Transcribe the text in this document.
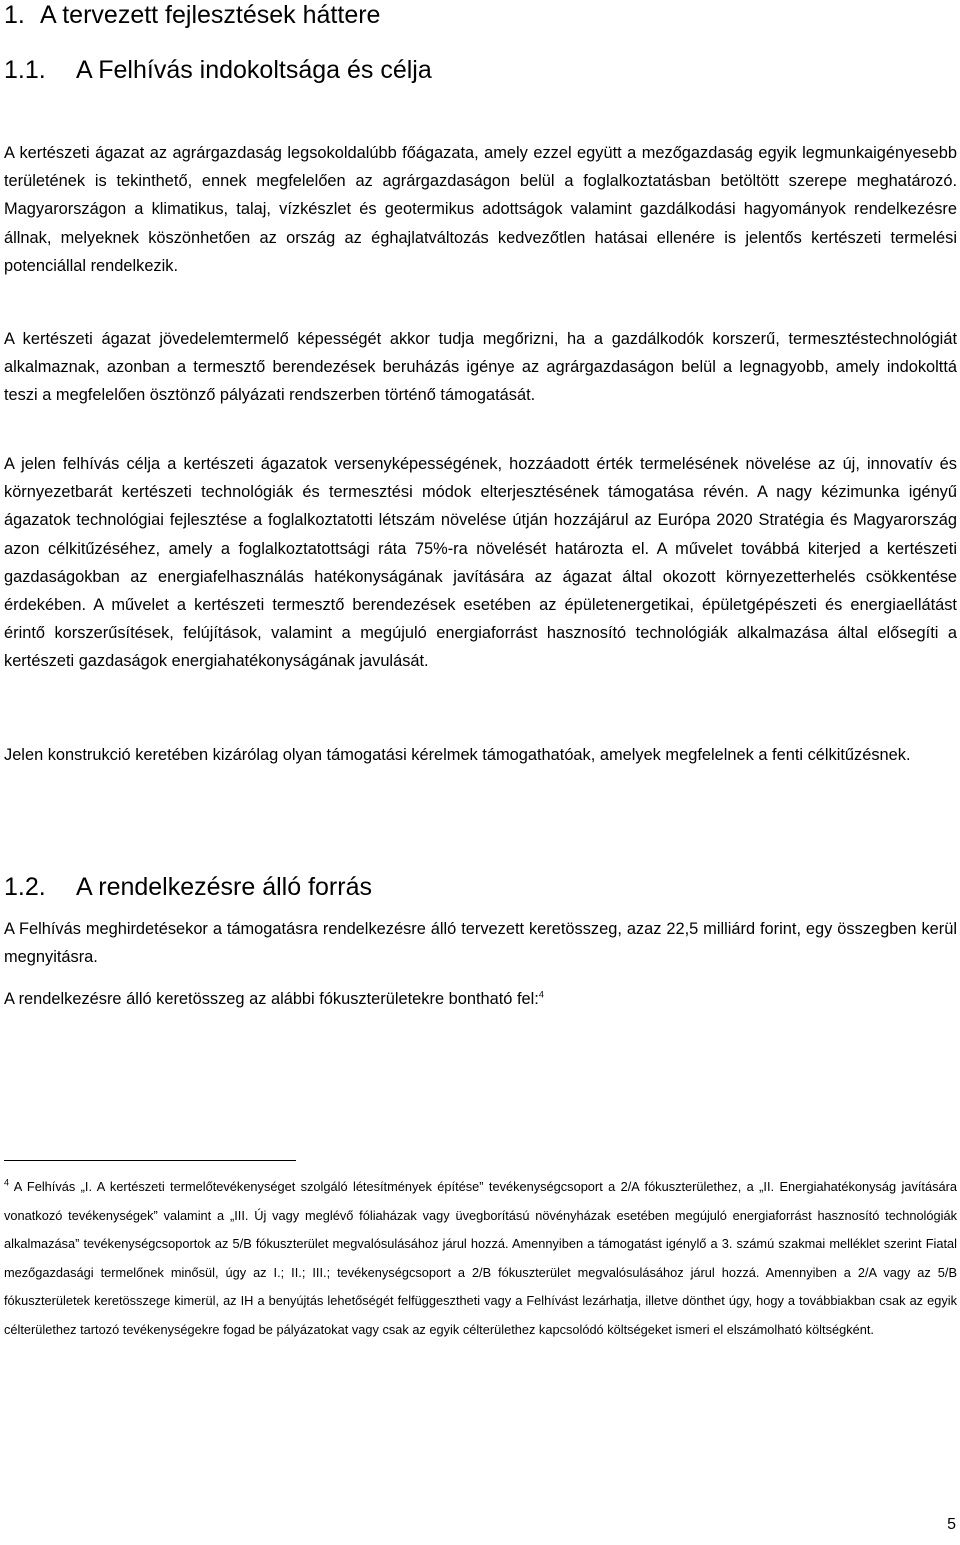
1. A tervezett fejlesztések háttere
1.1. A Felhívás indokoltsága és célja

A kertészeti ágazat az agrárgazdaság legsokoldalúbb főágazata, amely ezzel együtt a mezőgazdaság egyik legmunkaigényesebb területének is tekinthető, ennek megfelelően az agrárgazdaságon belül a foglalkoztatásban betöltött szerepe meghatározó. Magyarországon a klimatikus, talaj, vízkészlet és geotermikus adottságok valamint gazdálkodási hagyományok rendelkezésre állnak, melyeknek köszönhetően az ország az éghajlatváltozás kedvezőtlen hatásai ellenére is jelentős kertészeti termelési potenciállal rendelkezik.

A kertészeti ágazat jövedelemtermelő képességét akkor tudja megőrizni, ha a gazdálkodók korszerű, termesztéstechnológiát alkalmaznak, azonban a termesztő berendezések beruházás igénye az agrárgazdaságon belül a legnagyobb, amely indokolttá teszi a megfelelően ösztönző pályázati rendszerben történő támogatását.

A jelen felhívás célja a kertészeti ágazatok versenyképességének, hozzáadott érték termelésének növelése az új, innovatív és környezetbarát kertészeti technológiák és termesztési módok elterjesztésének támogatása révén. A nagy kézimunka igényű ágazatok technológiai fejlesztése a foglalkoztatotti létszám növelése útján hozzájárul az Európa 2020 Stratégia és Magyarország azon célkitűzéséhez, amely a foglalkoztatottsági ráta 75%-ra növelését határozta el. A művelet továbbá kiterjed a kertészeti gazdaságokban az energiafelhasználás hatékonyságának javítására az ágazat által okozott környezetterhelés csökkentése érdekében. A művelet a kertészeti termesztő berendezések esetében az épületenergetikai, épületgépészeti és energiaellátást érintő korszerűsítések, felújítások, valamint a megújuló energiaforrást hasznosító technológiák alkalmazása által elősegíti a kertészeti gazdaságok energiahatékonyságának javulását.

Jelen konstrukció keretében kizárólag olyan támogatási kérelmek támogathatóak, amelyek megfelelnek a fenti célkitűzésnek.

1.2. A rendelkezésre álló forrás

A Felhívás meghirdetésekor a támogatásra rendelkezésre álló tervezett keretösszeg, azaz 22,5 milliárd forint, egy összegben kerül megnyitásra.

A rendelkezésre álló keretösszeg az alábbi fókuszterületekre bontható fel:$^4$

$^4$ A Felhívás „I. A kertészeti termelőtevékenységet szolgáló létesítmények építése” tevékenységcsoport a 2/A fókuszterülethez, a „II. Energiahatékonyság javítására vonatkozó tevékenységek” valamint a „III. Új vagy meglévő fóliaházak vagy üvegborítású növényházak esetében megújuló energiaforrást hasznosító technológiák alkalmazása” tevékenységcsoportok az 5/B fókuszterület megvalósulásához járul hozzá. Amennyiben a támogatást igénylő a 3. számú szakmai melléklet szerint Fiatal mezőgazdasági termelőnek minősül, úgy az I.; II.; III.; tevékenységcsoport a 2/B fókuszterület megvalósulásához járul hozzá. Amennyiben a 2/A vagy az 5/B fókuszterületek keretösszege kimerül, az IH a benyújtás lehetőségét felfüggesztheti vagy a Felhívást lezárhatja, illetve dönthet úgy, hogy a továbbiakban csak az egyik célterülethez tartozó tevékenységekre fogad be pályázatokat vagy csak az egyik célterülethez kapcsolódó költségeket ismeri el elszámolható költségként.

5
